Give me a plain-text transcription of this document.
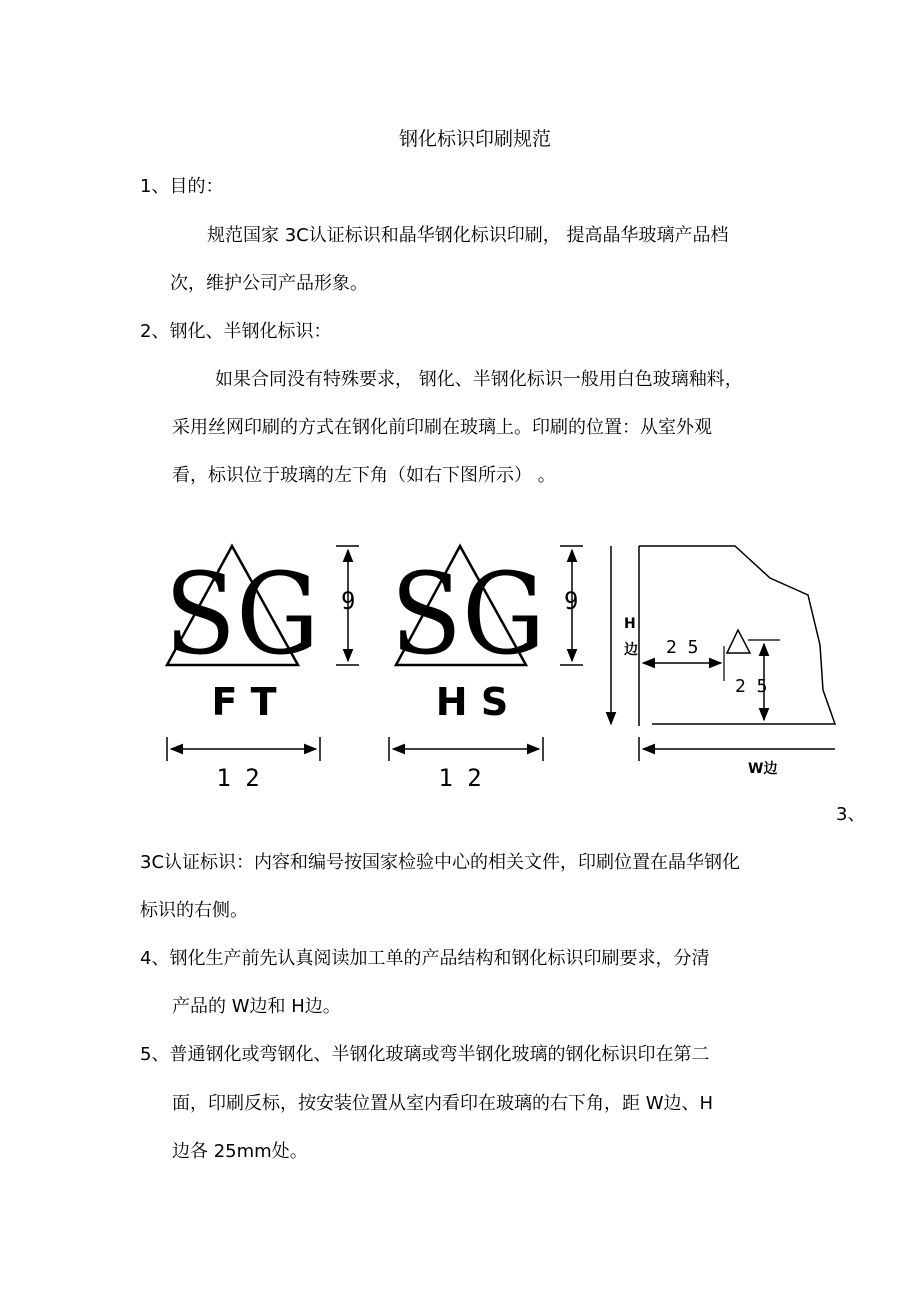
钢化标识印刷规范
1、目的：
规范国家 3C认证标识和晶华钢化标识印刷， 提高晶华玻璃产品档
次，维护公司产品形象。
2、钢化、半钢化标识：
如果合同没有特殊要求， 钢化、半钢化标识一般用白色玻璃釉料，
采用丝网印刷的方式在钢化前印刷在玻璃上。印刷的位置：从室外观
看，标识位于玻璃的左下角（如右下图所示） 。
SG
F T
9
1 2
SG
H S
9
1 2
H
边 2 5
2 5
W边
3、
3C认证标识：内容和编号按国家检验中心的相关文件，印刷位置在晶华钢化
标识的右侧。
4、钢化生产前先认真阅读加工单的产品结构和钢化标识印刷要求，分清
产品的 W边和 H边。
5、普通钢化或弯钢化、半钢化玻璃或弯半钢化玻璃的钢化标识印在第二
面，印刷反标，按安装位置从室内看印在玻璃的右下角，距 W边、H
边各 25mm处。
